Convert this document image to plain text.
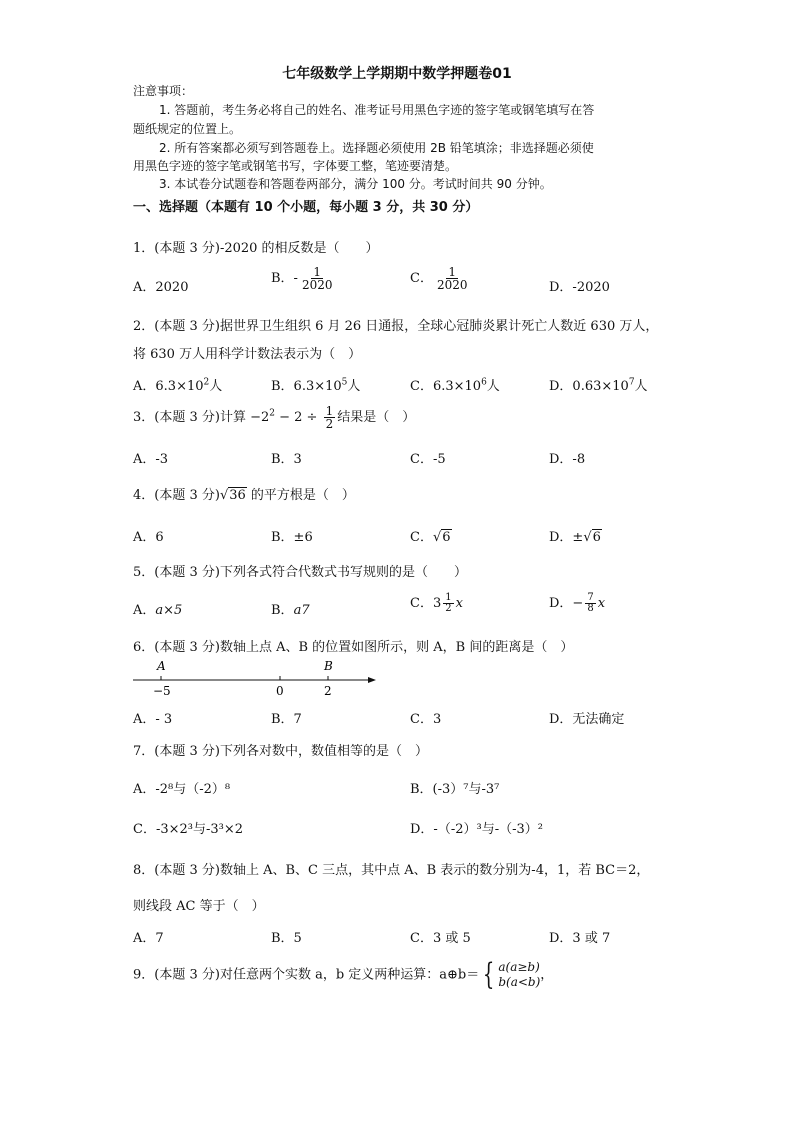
七年级数学上学期期中数学押题卷01
注意事项：
1. 答题前，考生务必将自己的姓名、准考证号用黑色字迹的签字笔或钢笔填写在答
题纸规定的位置上。
2. 所有答案都必须写到答题卷上。选择题必须使用 2B 铅笔填涂；非选择题必须使
用黑色字迹的签字笔或钢笔书写，字体要工整，笔迹要清楚。
3. 本试卷分试题卷和答题卷两部分，满分 100 分。考试时间共 90 分钟。
一、选择题（本题有 10 个小题，每小题 3 分，共 30 分）
1．(本题 3 分)-2020 的相反数是（　　）
A．2020
B．- $\frac{1}{2020}$	C． $\frac{1}{2020}$	D．-2020
2．(本题 3 分)据世界卫生组织 6 月 26 日通报，全球心冠肺炎累计死亡人数近 630 万人，
将 630 万人用科学计数法表示为（　）
A．$6.3\times 10^2$人	B．$6.3\times 10^5$人	C．$6.3\times 10^6$人	D．$0.63\times 10^7$人
3．(本题 3 分)计算 $-2^2 - 2 \div \frac{1}{2}$ 结果是（　）
A．-3	B．3	C．-5	D．-8
4．(本题 3 分)√36 的平方根是（　）
A．6	B．±6	C．√6	D．±√6
5．(本题 3 分)下列各式符合代数式书写规则的是（　　）
A．a×5	B．a7	C．$3 \frac{1}{2}$ x	D．− $\frac{7}{8}$ x
6．(本题 3 分)数轴上点 A、B 的位置如图所示，则 A，B 间的距离是（　）
A	B
−5	0	2
A．- 3	B．7	C．3	D．无法确定
7．(本题 3 分)下列各对数中，数值相等的是（　）
A．-2⁸与（-2）⁸	B．(-3）⁷与-3⁷
C．-3×2³与-3³×2	D．-（-2）³与-（-3）²
8．(本题 3 分)数轴上 A、B、C 三点，其中点 A、B 表示的数分别为-4，1，若 BC＝2，
则线段 AC 等于（　）
A．7	B．5	C．3 或 5	D．3 或 7
9．(本题 3 分)对任意两个实数 a，b 定义两种运算：a⊕b＝ { a(a≥b)
b(a<b) ，
